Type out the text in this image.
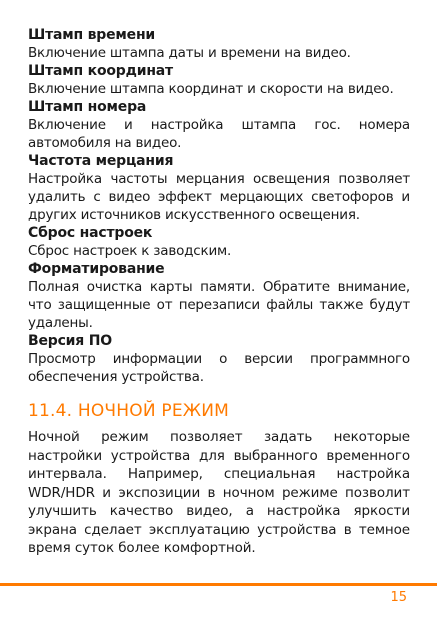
Штамп времени

Включение штампа даты и времени на видео.

Штамп координат

Включение штампа координат и скорости на видео.

Штамп номера

Включение и настройка штампа гос. номера автомобиля на видео.

Частота мерцания

Настройка частоты мерцания освещения позволяет удалить с видео эффект мерцающих светофоров и других источников искусственного освещения.

Сброс настроек

Сброс настроек к заводским.

Форматирование

Полная очистка карты памяти. Обратите внимание, что защищенные от перезаписи файлы также будут удалены.

Версия ПО

Просмотр информации о версии программного обеспечения устройства.

11.4. НОЧНОЙ РЕЖИМ

Ночной режим позволяет задать некоторые настройки устройства для выбранного временного интервала. Например, специальная настройка WDR/HDR и экспозиции в ночном режиме позволит улучшить качество видео, а настройка яркости экрана сделает эксплуатацию устройства в темное время суток более комфортной.

15
